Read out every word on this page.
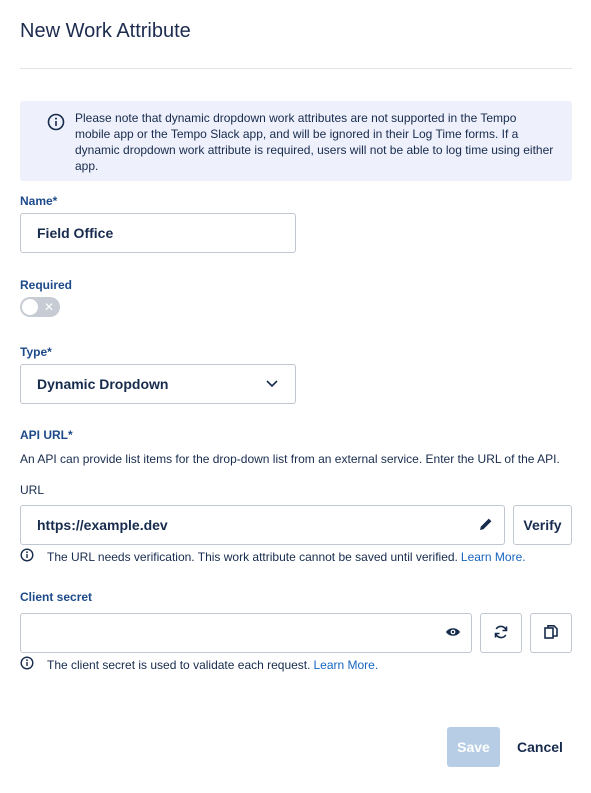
New Work Attribute
Please note that dynamic dropdown work attributes are not supported in the Tempo mobile app or the Tempo Slack app, and will be ignored in their Log Time forms. If a dynamic dropdown work attribute is required, users will not be able to log time using either app.
Name*
Field Office
Required
✕
Type*
Dynamic Dropdown
API URL*
An API can provide list items for the drop-down list from an external service. Enter the URL of the API.
URL
https://example.dev	Verify
The URL needs verification. This work attribute cannot be saved until verified. Learn More.
Client secret
The client secret is used to validate each request. Learn More.
Save	Cancel
